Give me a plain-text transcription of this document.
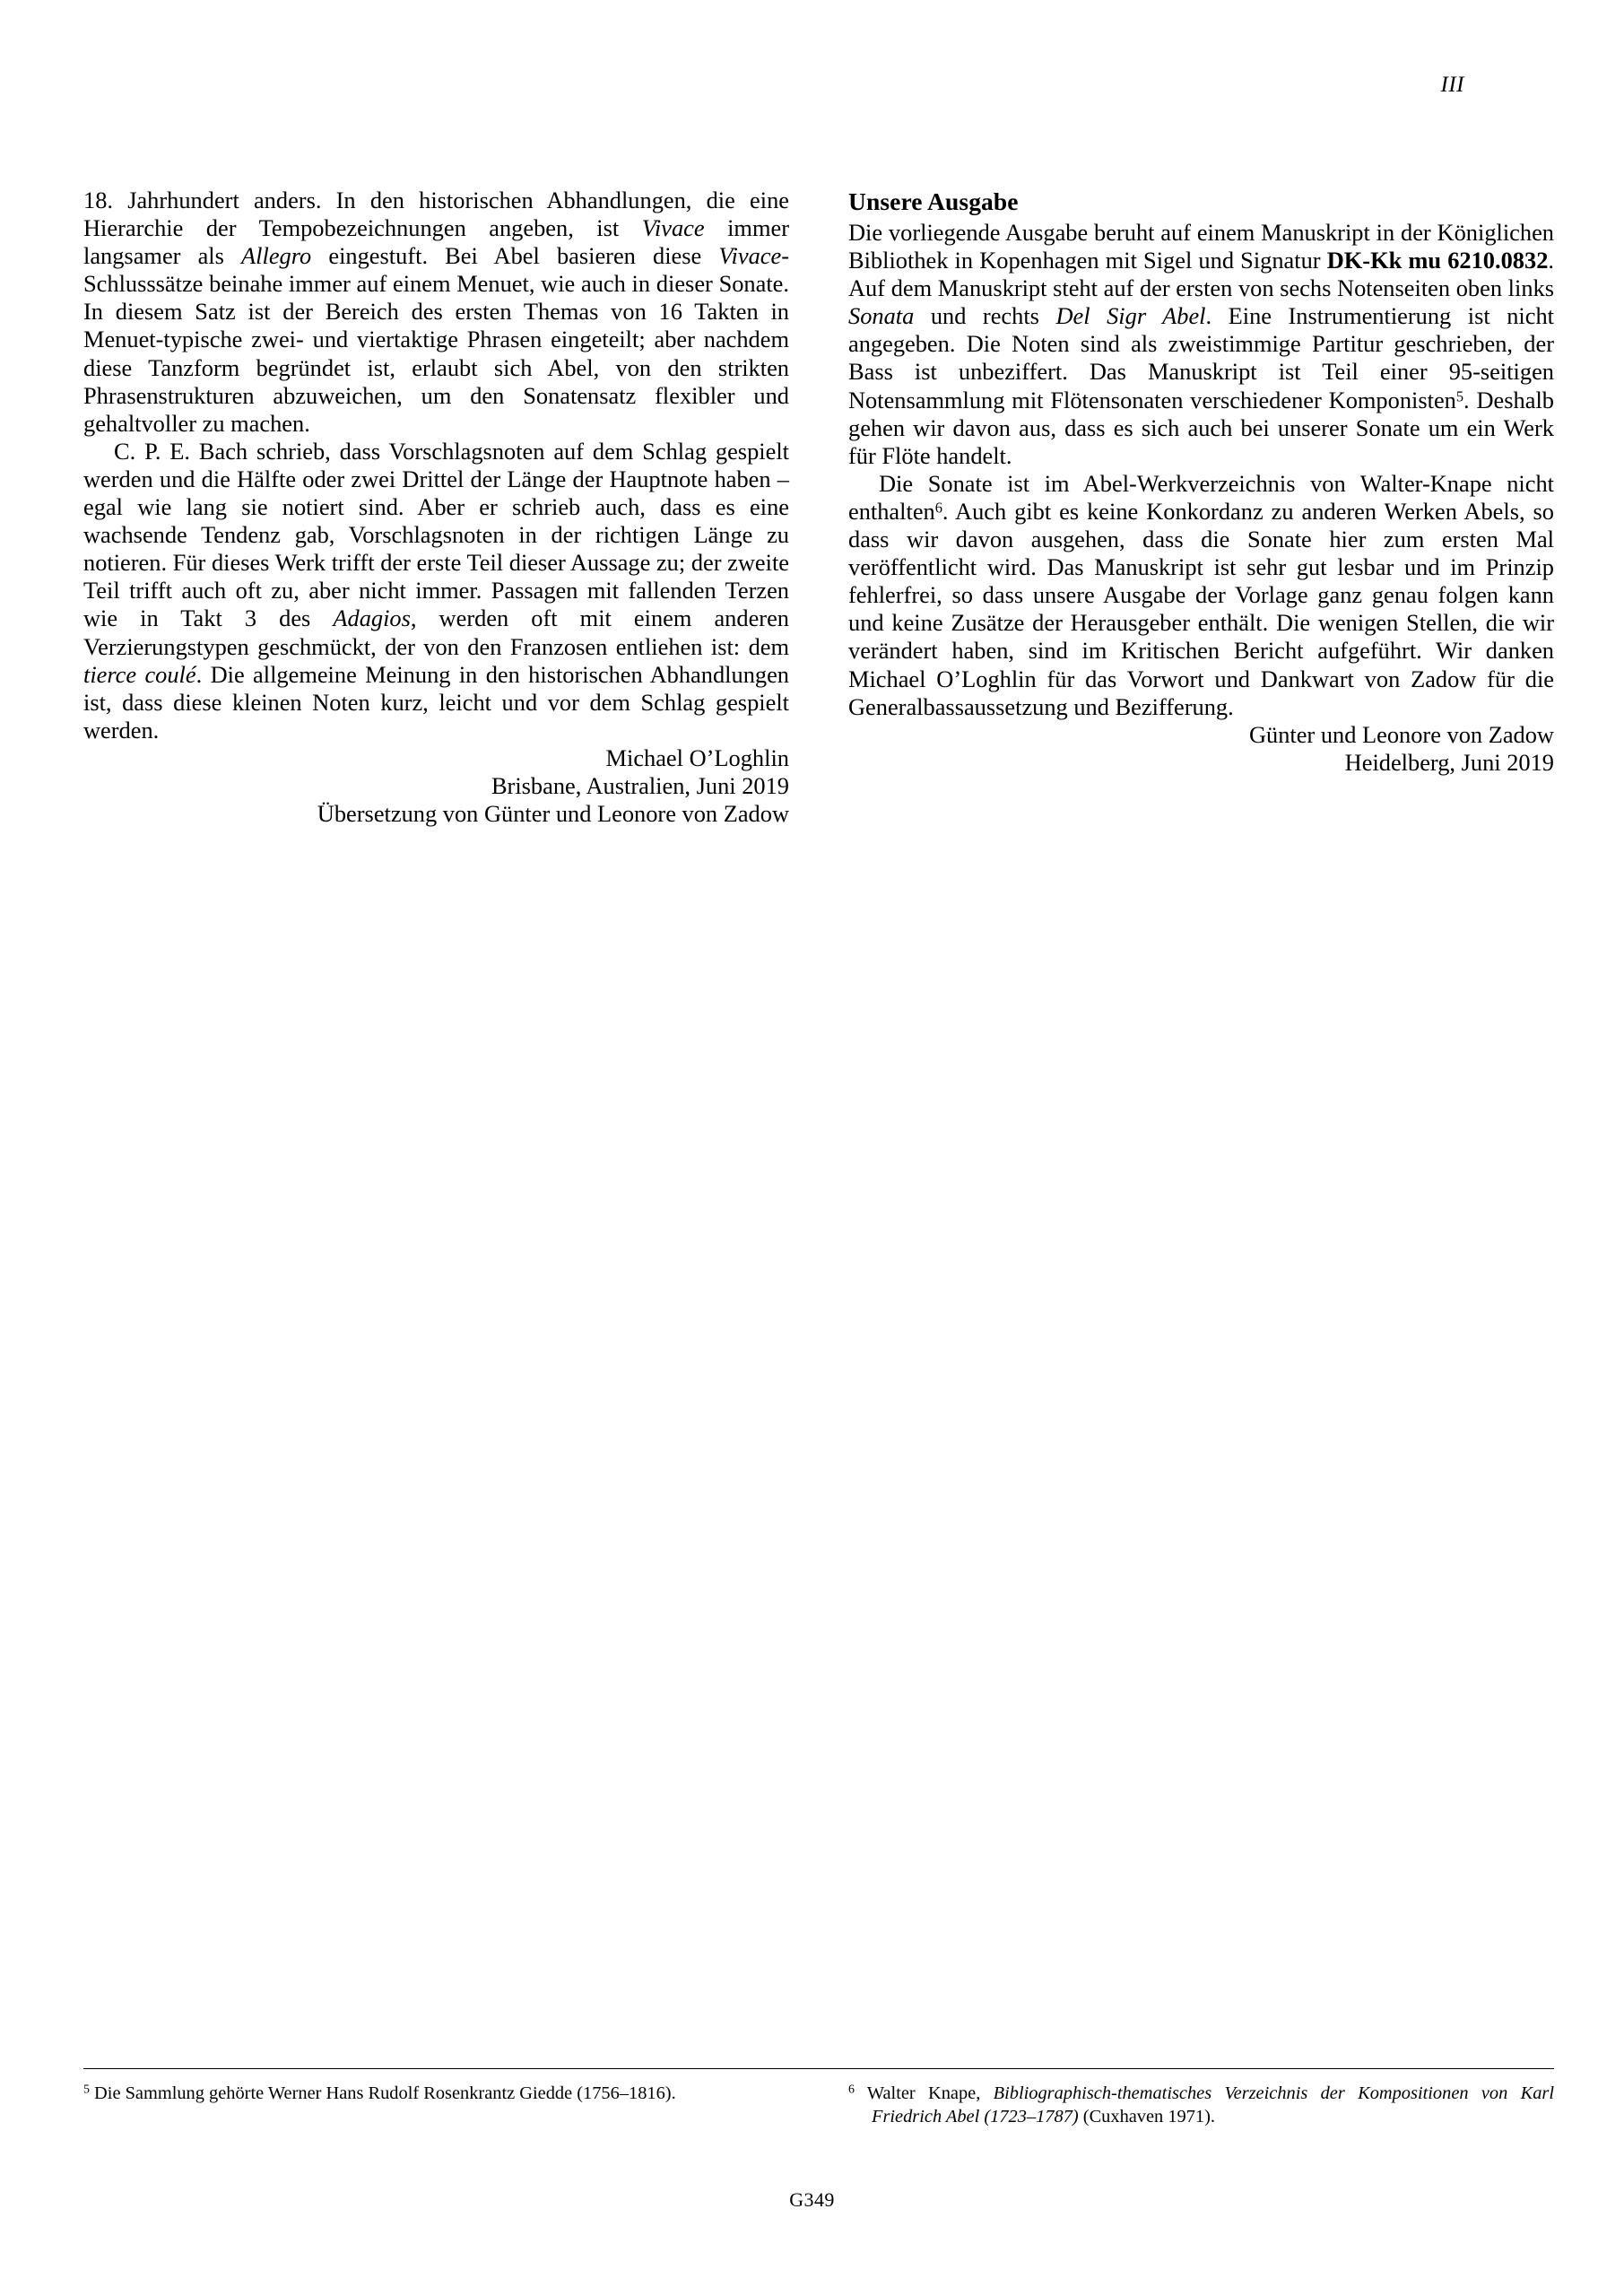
III

18. Jahrhundert anders. In den historischen Abhandlungen, die eine Hierarchie der Tempobezeichnungen angeben, ist Vivace immer langsamer als Allegro eingestuft. Bei Abel basieren diese Vivace-Schlusssätze beinahe immer auf einem Menuet, wie auch in dieser Sonate. In diesem Satz ist der Bereich des ersten Themas von 16 Takten in Menuet-typische zwei- und viertaktige Phrasen eingeteilt; aber nachdem diese Tanzform begründet ist, erlaubt sich Abel, von den strikten Phrasenstrukturen abzuweichen, um den Sonatensatz flexibler und gehaltvoller zu machen.

C. P. E. Bach schrieb, dass Vorschlagsnoten auf dem Schlag gespielt werden und die Hälfte oder zwei Drittel der Länge der Hauptnote haben – egal wie lang sie notiert sind. Aber er schrieb auch, dass es eine wachsende Tendenz gab, Vorschlagsnoten in der richtigen Länge zu notieren. Für dieses Werk trifft der erste Teil dieser Aussage zu; der zweite Teil trifft auch oft zu, aber nicht immer. Passagen mit fallenden Terzen wie in Takt 3 des Adagios, werden oft mit einem anderen Verzierungstypen geschmückt, der von den Franzosen entliehen ist: dem tierce coulé. Die allgemeine Meinung in den historischen Abhandlungen ist, dass diese kleinen Noten kurz, leicht und vor dem Schlag gespielt werden.

Michael O’Loghlin
Brisbane, Australien, Juni 2019
Übersetzung von Günter und Leonore von Zadow
Unsere Ausgabe

Die vorliegende Ausgabe beruht auf einem Manuskript in der Königlichen Bibliothek in Kopenhagen mit Sigel und Signatur DK-Kk mu 6210.0832. Auf dem Manuskript steht auf der ersten von sechs Notenseiten oben links Sonata und rechts Del Sigr Abel. Eine Instrumentierung ist nicht angegeben. Die Noten sind als zweistimmige Partitur geschrieben, der Bass ist unbeziffert. Das Manuskript ist Teil einer 95-seitigen Notensammlung mit Flötensonaten verschiedener Komponisten$^5$. Deshalb gehen wir davon aus, dass es sich auch bei unserer Sonate um ein Werk für Flöte handelt.

Die Sonate ist im Abel-Werkverzeichnis von Walter-Knape nicht enthalten$^6$. Auch gibt es keine Konkordanz zu anderen Werken Abels, so dass wir davon ausgehen, dass die Sonate hier zum ersten Mal veröffentlicht wird. Das Manuskript ist sehr gut lesbar und im Prinzip fehlerfrei, so dass unsere Ausgabe der Vorlage ganz genau folgen kann und keine Zusätze der Herausgeber enthält. Die wenigen Stellen, die wir verändert haben, sind im Kritischen Bericht aufgeführt. Wir danken Michael O’Loghlin für das Vorwort und Dankwart von Zadow für die Generalbassaussetzung und Bezifferung.

Günter und Leonore von Zadow
Heidelberg, Juni 2019
$^5$ Die Sammlung gehörte Werner Hans Rudolf Rosenkrantz Giedde (1756–1816).	$^6$ Walter Knape, Bibliographisch-thematisches Verzeichnis der Kompositionen von Karl Friedrich Abel (1723–1787) (Cuxhaven 1971).
G349
